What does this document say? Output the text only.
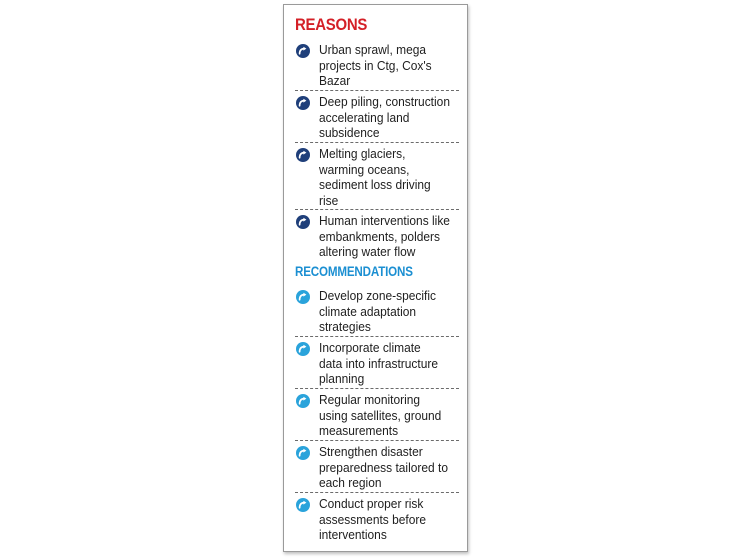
REASONS
Urban sprawl, mega
projects in Ctg, Cox's
Bazar
Deep piling, construction
accelerating land
subsidence
Melting glaciers,
warming oceans,
sediment loss driving
rise
Human interventions like
embankments, polders
altering water flow
RECOMMENDATIONS
Develop zone-specific
climate adaptation
strategies
Incorporate climate
data into infrastructure
planning
Regular monitoring
using satellites, ground
measurements
Strengthen disaster
preparedness tailored to
each region
Conduct proper risk
assessments before
interventions
